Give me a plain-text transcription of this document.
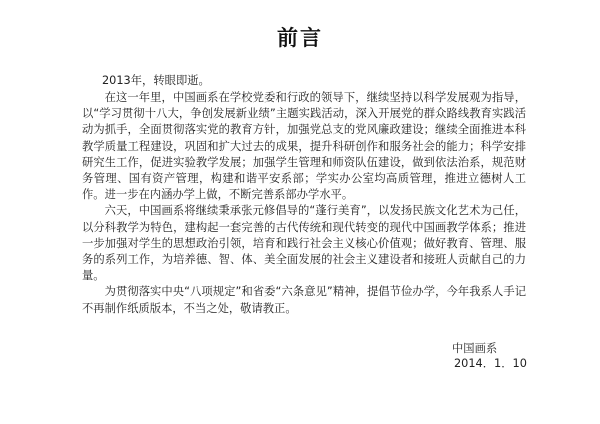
前言
2013年，转眼即逝。

在这一年里，中国画系在学校党委和行政的领导下，继续坚持以科学发展观为指导，以“学习贯彻十八大，争创发展新业绩”主题实践活动，深入开展党的群众路线教育实践活动为抓手，全面贯彻落实党的教育方针，加强党总支的党风廉政建设；继续全面推进本科教学质量工程建设，巩固和扩大过去的成果，提升科研创作和服务社会的能力；科学安排研究生工作，促进实验教学发展；加强学生管理和师资队伍建设，做到依法治系，规范财务管理、国有资产管理，构建和谐平安系部；学实办公室均高质管理，推进立德树人工作。进一步在内涵办学上做，不断完善系部办学水平。

六天，中国画系将继续秉承张元修倡导的“蓬行美育”，以发扬民族文化艺术为己任，以分科教学为特色，建构起一套完善的古代传统和现代转变的现代中国画教学体系；推进一步加强对学生的思想政治引领，培育和践行社会主义核心价值观；做好教育、管理、服务的系列工作，为培养德、智、体、美全面发展的社会主义建设者和接班人贡献自己的力量。

为贯彻落实中央“八项规定”和省委“六条意见”精神，提倡节俭办学，今年我系人手记不再制作纸质版本，不当之处，敬请教正。

中国画系
2014．1．10
